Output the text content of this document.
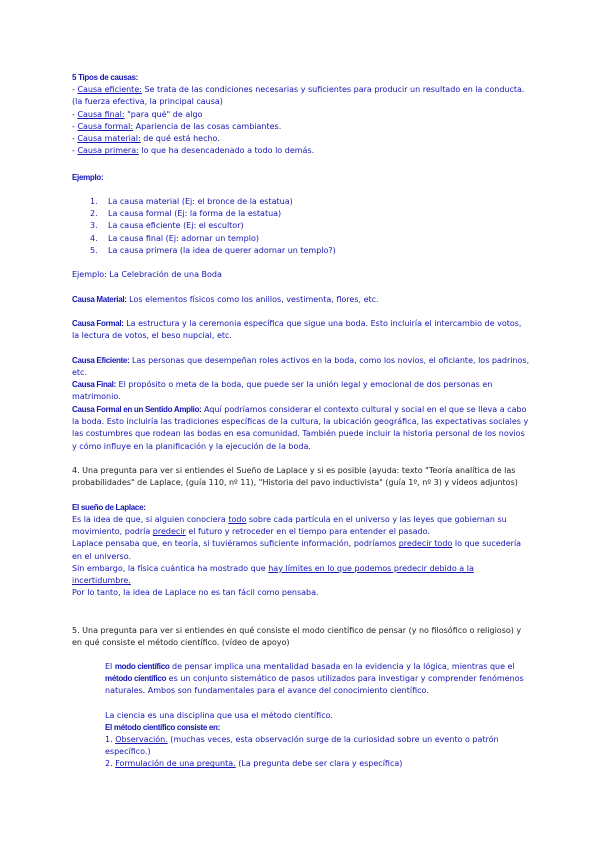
5 Tipos de causas:

- Causa eficiente: Se trata de las condiciones necesarias y suficientes para producir un resultado en la conducta. (la fuerza efectiva, la principal causa)

- Causa final: "para qué" de algo

- Causa formal: Apariencia de las cosas cambiantes.

- Causa material: de qué está hecho.

- Causa primera: lo que ha desencadenado a todo lo demás.

Ejemplo:

1. La causa material (Ej: el bronce de la estatua)
2. La causa formal (Ej: la forma de la estatua)
3. La causa eficiente (Ej: el escultor)
4. La causa final (Ej: adornar un templo)
5. La causa primera (la idea de querer adornar un templo?)

Ejemplo: La Celebración de una Boda

Causa Material: Los elementos físicos como los anillos, vestimenta, flores, etc.

Causa Formal: La estructura y la ceremonia específica que sigue una boda. Esto incluiría el intercambio de votos, la lectura de votos, el beso nupcial, etc.

Causa Eficiente: Las personas que desempeñan roles activos en la boda, como los novios, el oficiante, los padrinos, etc.

Causa Final: El propósito o meta de la boda, que puede ser la unión legal y emocional de dos personas en matrimonio.

Causa Formal en un Sentido Amplio: Aquí podríamos considerar el contexto cultural y social en el que se lleva a cabo la boda. Esto incluiría las tradiciones específicas de la cultura, la ubicación geográfica, las expectativas sociales y las costumbres que rodean las bodas en esa comunidad. También puede incluir la historia personal de los novios y cómo influye en la planificación y la ejecución de la boda.

4. Una pregunta para ver si entiendes el Sueño de Laplace y si es posible (ayuda: texto "Teoría analítica de las probabilidades" de Laplace, (guía 110, nº 11), "Historia del pavo inductivista" (guía 1º, nº 3) y vídeos adjuntos)

El sueño de Laplace:

Es la idea de que, si alguien conociera todo sobre cada partícula en el universo y las leyes que gobiernan su movimiento, podría predecir el futuro y retroceder en el tiempo para entender el pasado.

Laplace pensaba que, en teoría, si tuviéramos suficiente información, podríamos predecir todo lo que sucedería en el universo.

Sin embargo, la física cuántica ha mostrado que hay límites en lo que podemos predecir debido a la incertidumbre.

Por lo tanto, la idea de Laplace no es tan fácil como pensaba.

5. Una pregunta para ver si entiendes en qué consiste el modo científico de pensar (y no filosófico o religioso) y en qué consiste el método científico. (vídeo de apoyo)

El modo científico de pensar implica una mentalidad basada en la evidencia y la lógica, mientras que el método científico es un conjunto sistemático de pasos utilizados para investigar y comprender fenómenos naturales. Ambos son fundamentales para el avance del conocimiento científico.

La ciencia es una disciplina que usa el método científico.

El método científico consiste en:

1. Observación. (muchas veces, esta observación surge de la curiosidad sobre un evento o patrón específico.)

2. Formulación de una pregunta. (La pregunta debe ser clara y específica)
